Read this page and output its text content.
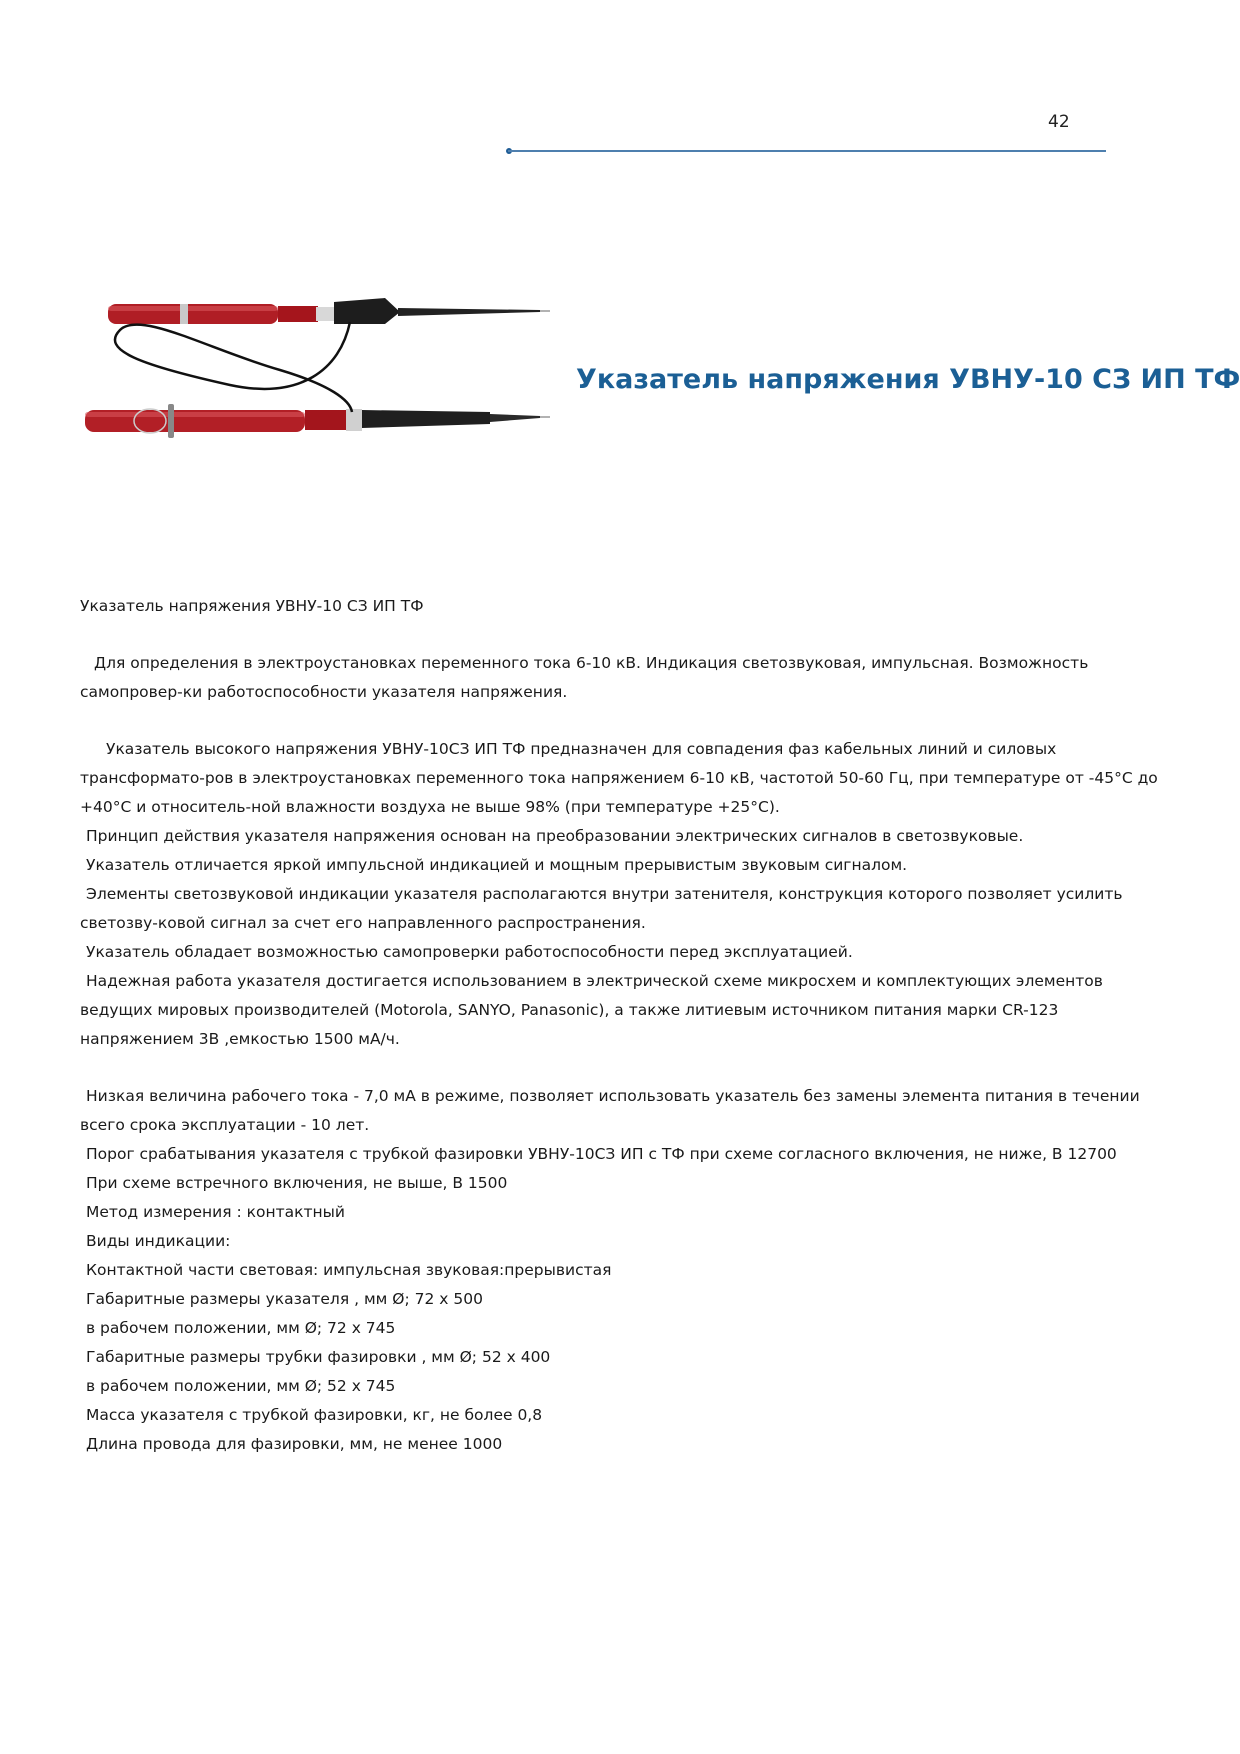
42
Указатель напряжения УВНУ-10 СЗ ИП ТФ

Указатель напряжения УВНУ-10 СЗ ИП ТФ

Для определения в электроустановках переменного тока 6-10 кВ. Индикация светозвуковая, импульсная. Возможность самопровер-ки работоспособности указателя напряжения.

Указатель высокого напряжения УВНУ-10СЗ ИП ТФ предназначен для совпадения фаз кабельных линий и силовых трансформато-ров в электроустановках переменного тока напряжением 6-10 кВ, частотой 50-60 Гц, при температуре от -45°С до +40°С и относитель-ной влажности воздуха не выше 98% (при температуре +25°С).

Принцип действия указателя напряжения основан на преобразовании электрических сигналов в светозвуковые.

Указатель отличается яркой импульсной индикацией и мощным прерывистым звуковым сигналом.

Элементы светозвуковой индикации указателя располагаются внутри затенителя, конструкция которого позволяет усилить светозву-ковой сигнал за счет его направленного распространения.

Указатель обладает возможностью самопроверки работоспособности перед эксплуатацией.

Надежная работа указателя достигается использованием в электрической схеме микросхем и комплектующих элементов ведущих мировых производителей (Motorola, SANYO, Panasonic), а также литиевым источником питания марки CR-123 напряжением 3В ,емкостью 1500 мА/ч.

Низкая величина рабочего тока - 7,0 мА в режиме, позволяет использовать указатель без замены элемента питания в течении всего срока эксплуатации - 10 лет.

Порог срабатывания указателя с трубкой фазировки УВНУ-10СЗ ИП с ТФ при схеме согласного включения, не ниже, В 12700

При схеме встречного включения, не выше, В 1500

Метод измерения : контактный

Виды индикации:

Контактной части световая: импульсная звуковая:прерывистая

Габаритные размеры указателя , мм Ø; 72 x 500

в рабочем положении, мм Ø; 72 x 745

Габаритные размеры трубки фазировки , мм Ø; 52 x 400

в рабочем положении, мм Ø; 52 x 745

Масса указателя с трубкой фазировки, кг, не более 0,8

Длина провода для фазировки, мм, не менее 1000
